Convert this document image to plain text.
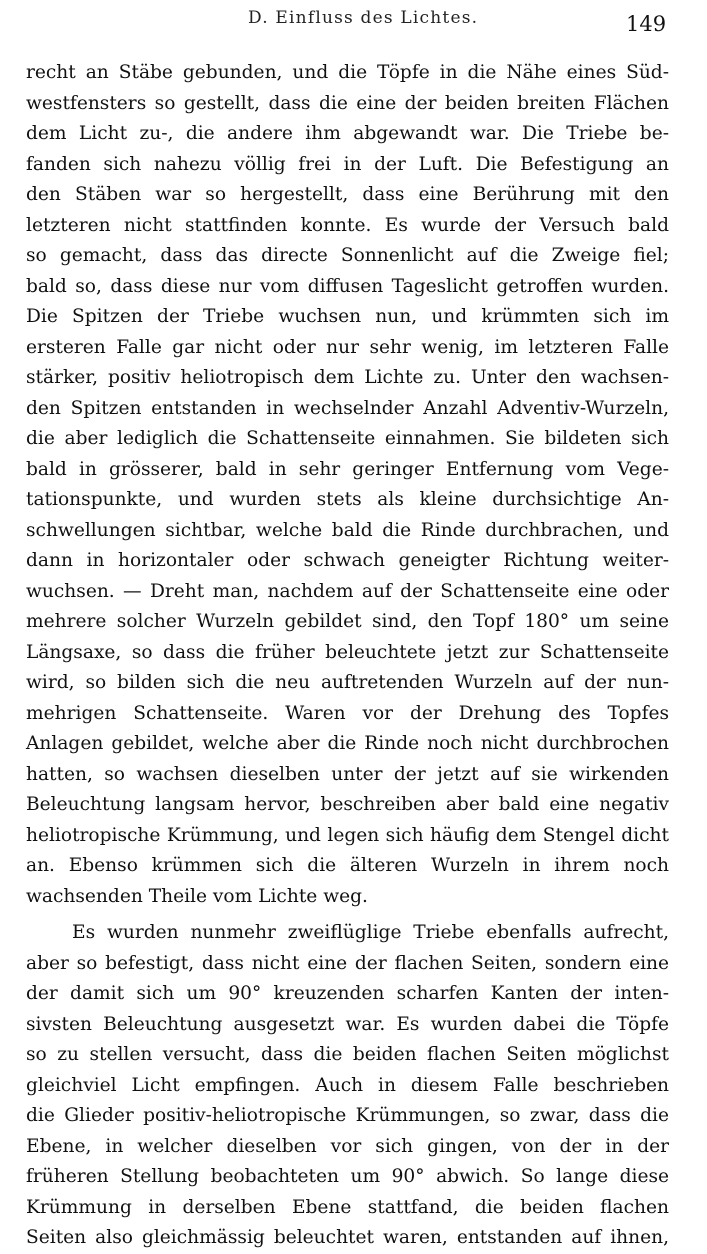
D. Einfluss des Lichtes.	149
recht an Stäbe gebunden, und die Töpfe in die Nähe eines Süd-
westfensters so gestellt, dass die eine der beiden breiten Flächen
dem Licht zu-, die andere ihm abgewandt war. Die Triebe be-
fanden sich nahezu völlig frei in der Luft. Die Befestigung an
den Stäben war so hergestellt, dass eine Berührung mit den
letzteren nicht stattfinden konnte. Es wurde der Versuch bald
so gemacht, dass das directe Sonnenlicht auf die Zweige fiel;
bald so, dass diese nur vom diffusen Tageslicht getroffen wurden.
Die Spitzen der Triebe wuchsen nun, und krümmten sich im
ersteren Falle gar nicht oder nur sehr wenig, im letzteren Falle
stärker, positiv heliotropisch dem Lichte zu. Unter den wachsen-
den Spitzen entstanden in wechselnder Anzahl Adventiv-Wurzeln,
die aber lediglich die Schattenseite einnahmen. Sie bildeten sich
bald in grösserer, bald in sehr geringer Entfernung vom Vege-
tationspunkte, und wurden stets als kleine durchsichtige An-
schwellungen sichtbar, welche bald die Rinde durchbrachen, und
dann in horizontaler oder schwach geneigter Richtung weiter-
wuchsen. — Dreht man, nachdem auf der Schattenseite eine oder
mehrere solcher Wurzeln gebildet sind, den Topf 180° um seine
Längsaxe, so dass die früher beleuchtete jetzt zur Schattenseite
wird, so bilden sich die neu auftretenden Wurzeln auf der nun-
mehrigen Schattenseite. Waren vor der Drehung des Topfes
Anlagen gebildet, welche aber die Rinde noch nicht durchbrochen
hatten, so wachsen dieselben unter der jetzt auf sie wirkenden
Beleuchtung langsam hervor, beschreiben aber bald eine negativ
heliotropische Krümmung, und legen sich häufig dem Stengel dicht
an. Ebenso krümmen sich die älteren Wurzeln in ihrem noch
wachsenden Theile vom Lichte weg.
Es wurden nunmehr zweiflüglige Triebe ebenfalls aufrecht,
aber so befestigt, dass nicht eine der flachen Seiten, sondern eine
der damit sich um 90° kreuzenden scharfen Kanten der inten-
sivsten Beleuchtung ausgesetzt war. Es wurden dabei die Töpfe
so zu stellen versucht, dass die beiden flachen Seiten möglichst
gleichviel Licht empfingen. Auch in diesem Falle beschrieben
die Glieder positiv-heliotropische Krümmungen, so zwar, dass die
Ebene, in welcher dieselben vor sich gingen, von der in der
früheren Stellung beobachteten um 90° abwich. So lange diese
Krümmung in derselben Ebene stattfand, die beiden flachen
Seiten also gleichmässig beleuchtet waren, entstanden auf ihnen,
